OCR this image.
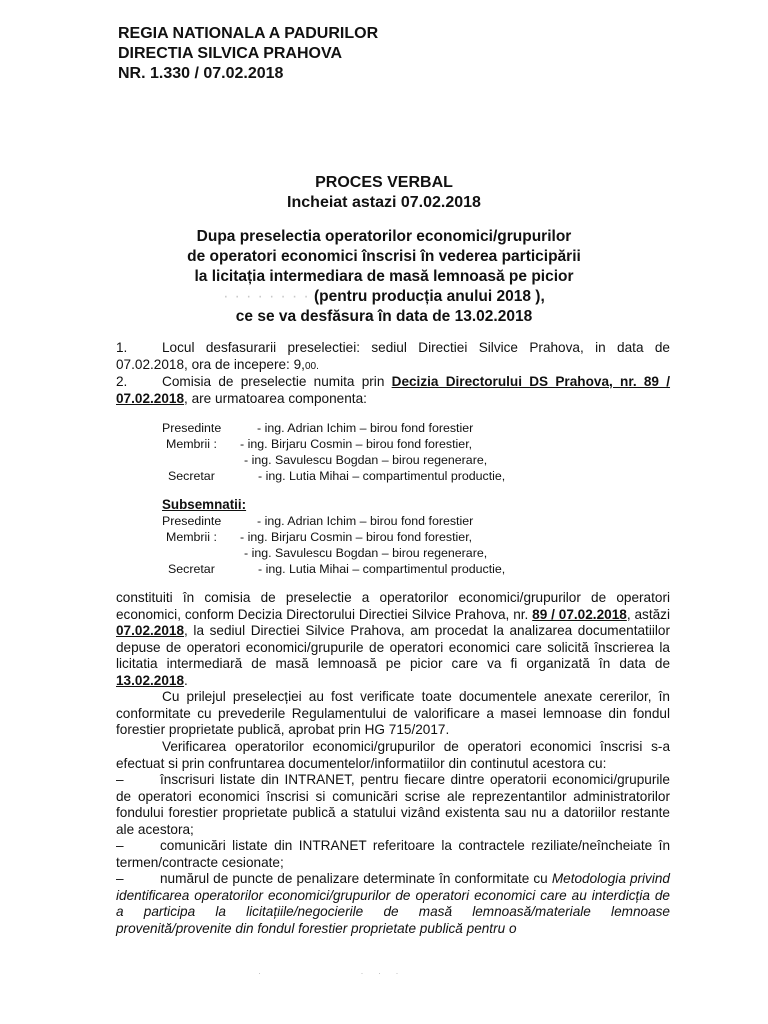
REGIA NATIONALA A PADURILOR
DIRECTIA SILVICA PRAHOVA
NR. 1.330 / 07.02.2018
PROCES VERBAL
Incheiat astazi 07.02.2018
Dupa preselectia operatorilor economici/grupurilor
de operatori economici înscrisi în vederea participării
la licitația intermediara de masă lemnoasă pe picior
· · · · · · · · (pentru producția anului 2018 ),
ce se va desfăsura în data de 13.02.2018
1.	Locul desfasurarii preselectiei: sediul Directiei Silvice Prahova, in data de 07.02.2018, ora de incepere: 9,00.
2.	Comisia de preselectie numita prin Decizia Directorului DS Prahova, nr. 89 / 07.02.2018, are urmatoarea componenta:
Presedinte	- ing. Adrian Ichim – birou fond forestier
Membrii : - ing. Birjaru Cosmin – birou fond forestier,
- ing. Savulescu Bogdan – birou regenerare,
Secretar	- ing. Lutia Mihai – compartimentul productie,
Subsemnatii:
Presedinte	- ing. Adrian Ichim – birou fond forestier
Membrii : - ing. Birjaru Cosmin – birou fond forestier,
- ing. Savulescu Bogdan – birou regenerare,
Secretar	- ing. Lutia Mihai – compartimentul productie,
constituiti în comisia de preselectie a operatorilor economici/grupurilor de operatori economici, conform Decizia Directorului Directiei Silvice Prahova, nr. 89 / 07.02.2018, astăzi 07.02.2018, la sediul Directiei Silvice Prahova, am procedat la analizarea documentatiilor depuse de operatori economici/grupurile de operatori economici care solicită înscrierea la licitatia intermediară de masă lemnoasă pe picior care va fi organizată în data de 13.02.2018.
Cu prilejul preselecției au fost verificate toate documentele anexate cererilor, în conformitate cu prevederile Regulamentului de valorificare a masei lemnoase din fondul forestier proprietate publică, aprobat prin HG 715/2017.
Verificarea operatorilor economici/grupurilor de operatori economici înscrisi s-a efectuat si prin confruntarea documentelor/informatiilor din continutul acestora cu:
–	înscrisuri listate din INTRANET, pentru fiecare dintre operatorii economici/grupurile de operatori economici înscrisi si comunicări scrise ale reprezentantilor administratorilor fondului forestier proprietate publică a statului vizând existenta sau nu a datoriilor restante ale acestora;
–	comunicări listate din INTRANET referitoare la contractele reziliate/neîncheiate în termen/contracte cesionate;
–	numărul de puncte de penalizare determinate în conformitate cu Metodologia privind identificarea operatorilor economici/grupurilor de operatori economici care au interdicția de a participa la licitațiile/negocierile de masă lemnoasă/materiale lemnoase provenită/provenite din fondul forestier proprietate publică pentru o
·           · · ·
